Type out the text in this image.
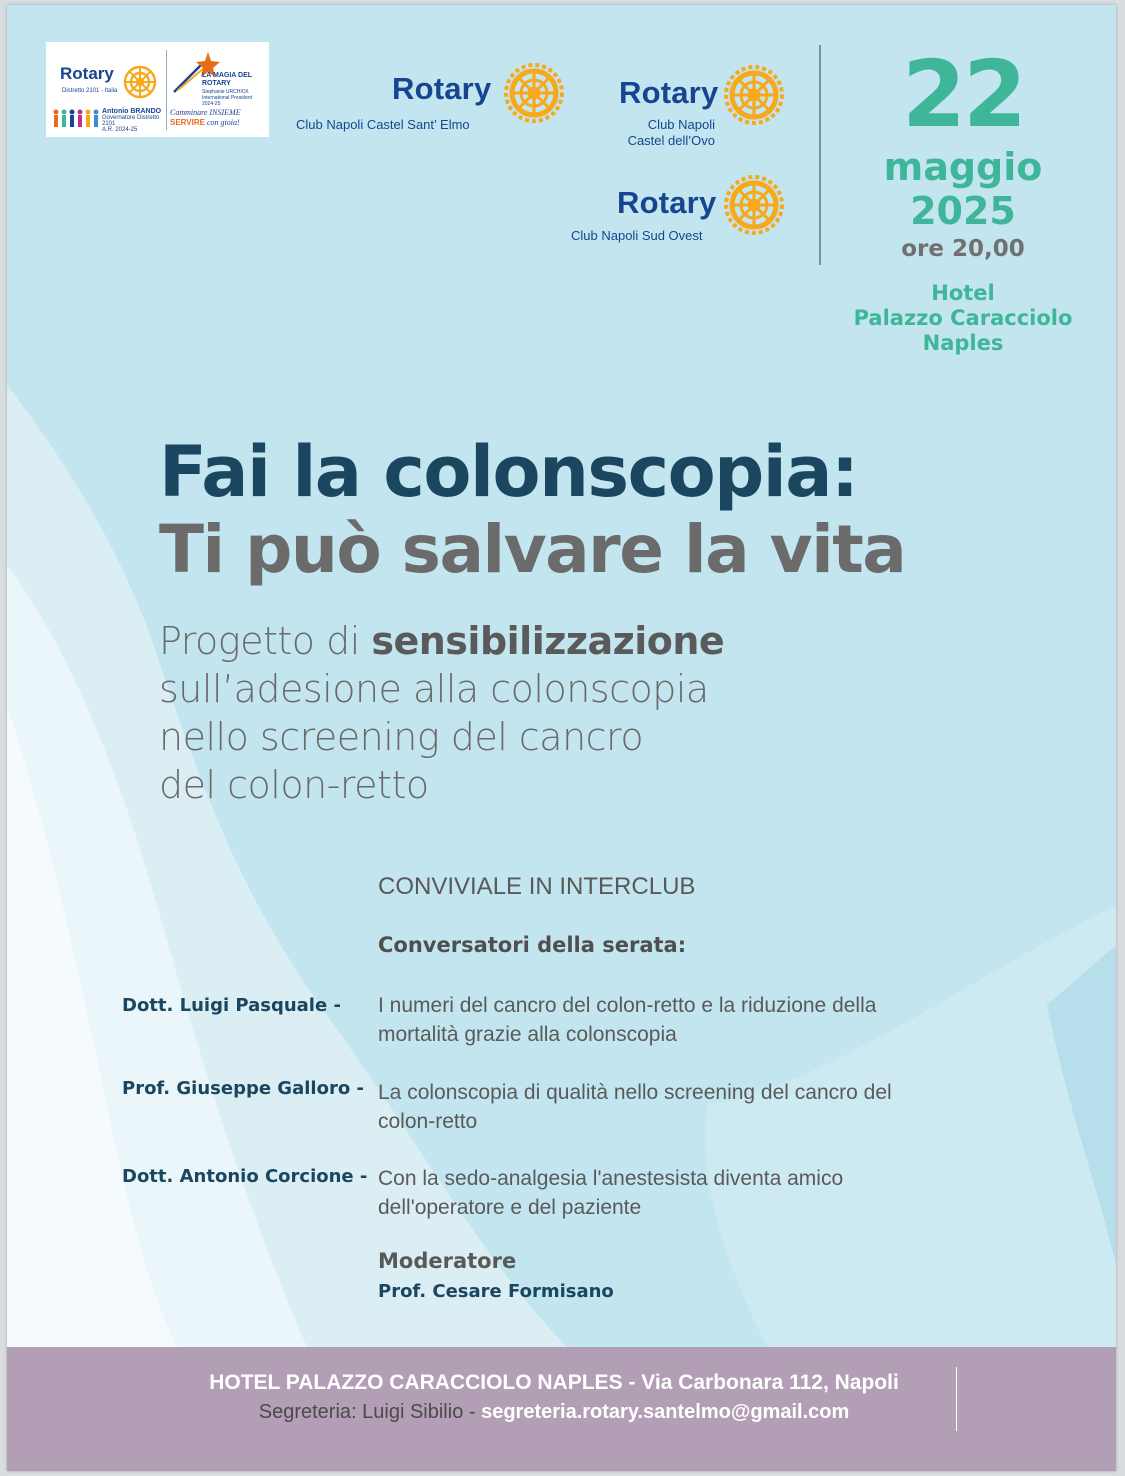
Rotary
Distretto 2101 - Italia
LA MAGIA DEL ROTARY
Stephanie URCHICK International President 2024-25
Antonio BRANDO
Governatore Distretto 2101
A.R. 2024-25
Camminare INSIEME
SERVIRE con gioia!
Rotary
Club Napoli Castel Sant’ Elmo
Rotary
Club Napoli
Castel dell’Ovo
Rotary
Club Napoli Sud Ovest
22
maggio
2025
ore 20,00
Hotel
Palazzo Caracciolo
Naples
Fai la colonscopia:
Ti può salvare la vita
Progetto di sensibilizzazione
sull’adesione alla colonscopia
nello screening del cancro
del colon-retto
CONVIVIALE IN INTERCLUB
Conversatori della serata:
Dott. Luigi Pasquale -	I numeri del cancro del colon-retto e la riduzione della
mortalità grazie alla colonscopia
Prof. Giuseppe Galloro - La colonscopia di qualità nello screening del cancro del
colon-retto
Dott. Antonio Corcione - Con la sedo-analgesia l'anestesista diventa amico
dell'operatore e del paziente
Moderatore
Prof. Cesare Formisano
HOTEL PALAZZO CARACCIOLO NAPLES - Via Carbonara 112, Napoli
Segreteria: Luigi Sibilio - segreteria.rotary.santelmo@gmail.com
